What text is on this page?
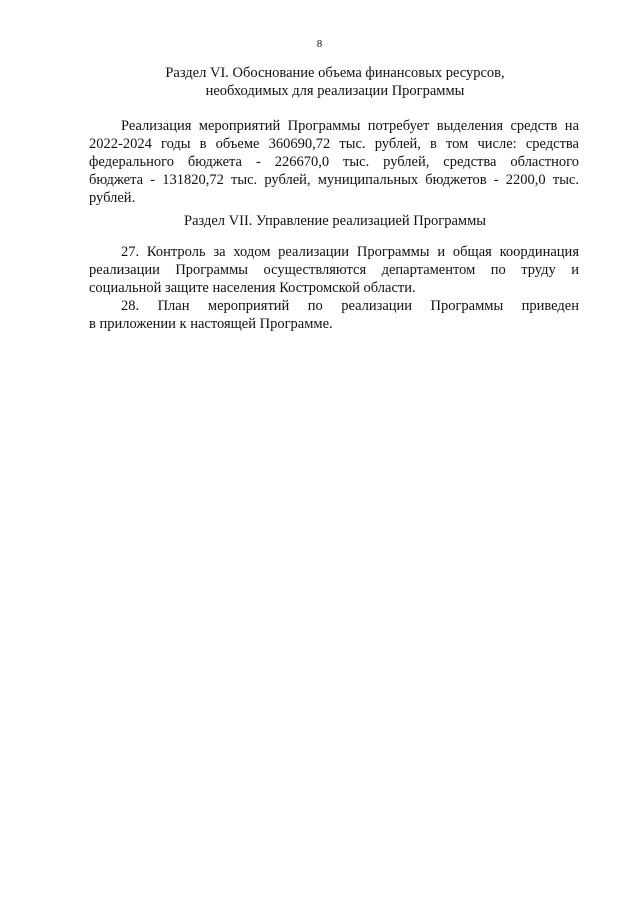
8
Раздел VI. Обоснование объема финансовых ресурсов,
необходимых для реализации Программы
Реализация мероприятий Программы потребует выделения средств на
2022-2024 годы в объеме 360690,72 тыс. рублей, в том числе: средства
федерального бюджета - 226670,0 тыс. рублей, средства областного
бюджета - 131820,72 тыс. рублей, муниципальных бюджетов - 2200,0 тыс.
рублей.
Раздел VII. Управление реализацией Программы
27. Контроль за ходом реализации Программы и общая координация
реализации Программы осуществляются департаментом по труду и
социальной защите населения Костромской области.
28. План мероприятий по реализации Программы приведен
в приложении к настоящей Программе.
